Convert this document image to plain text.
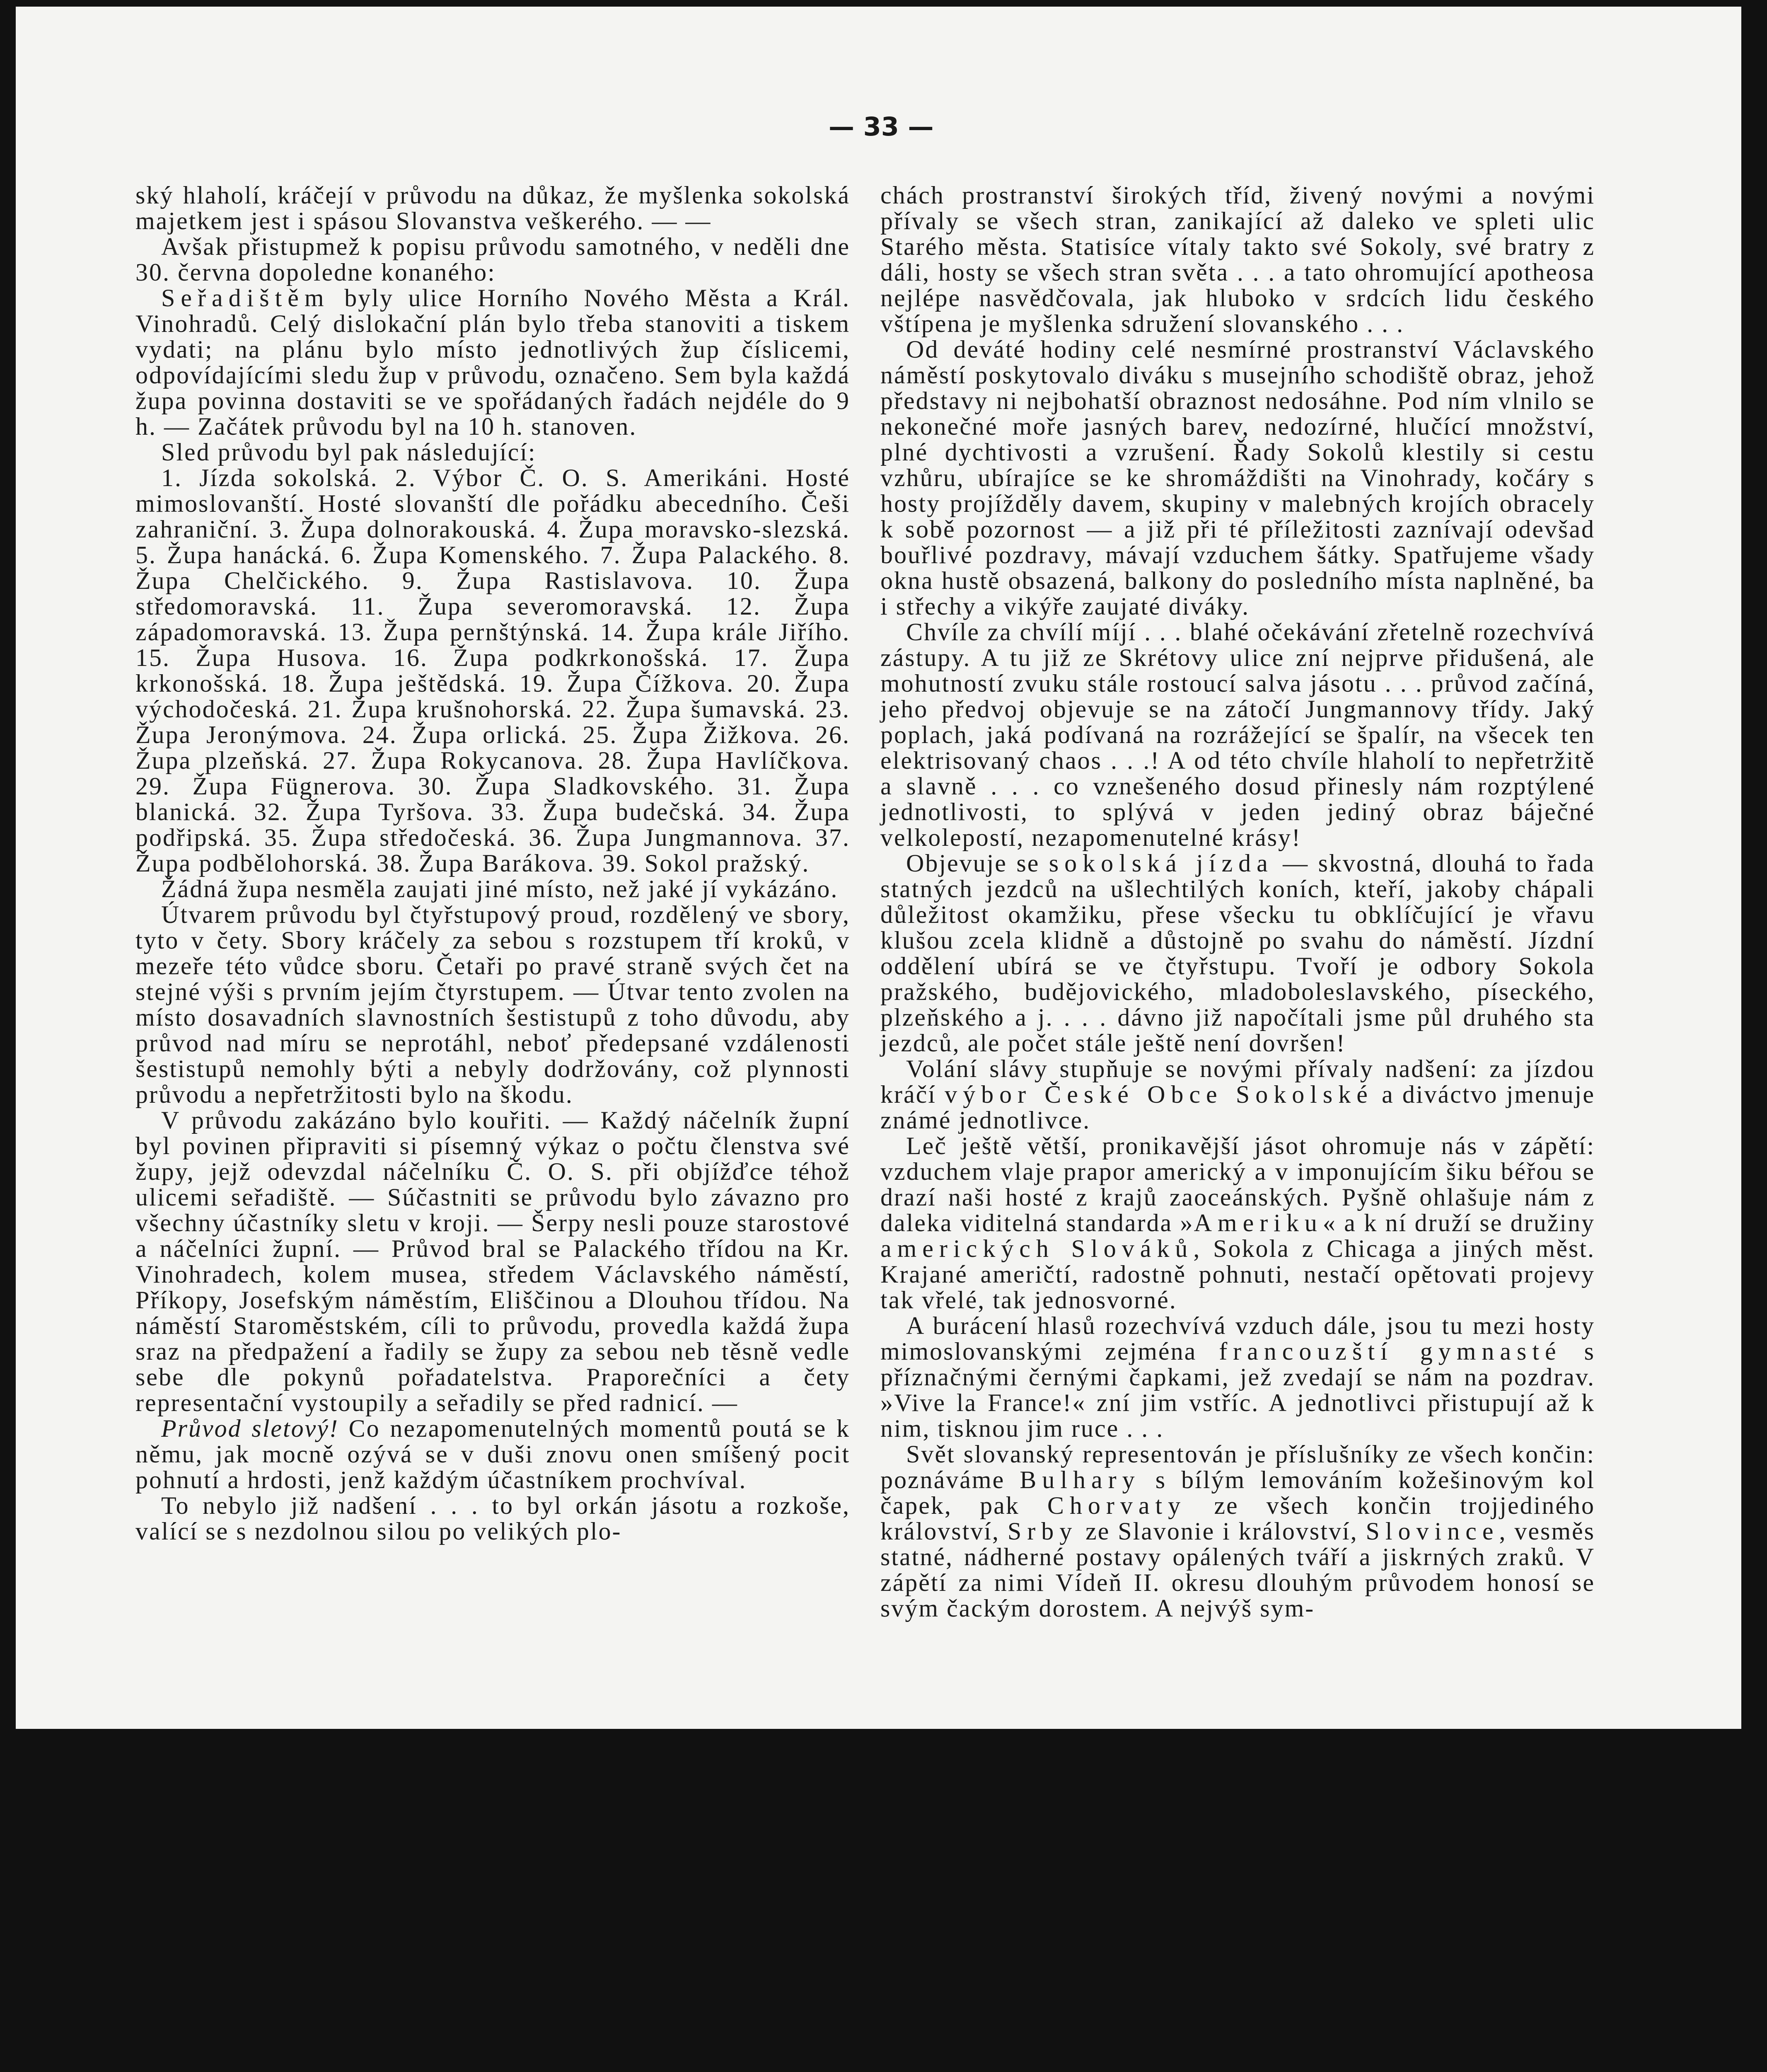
— 33 —

ský hlaholí, kráčejí v průvodu na důkaz, že myšlenka sokolská majetkem jest i spásou Slovanstva veškerého. — —

Avšak přistupmež k popisu průvodu samotného, v neděli dne 30. června dopoledne konaného:

Seřadištěm byly ulice Horního Nového Města a Král. Vinohradů. Celý dislokační plán bylo třeba stanoviti a tiskem vydati; na plánu bylo místo jednotlivých žup číslicemi, odpovídajícími sledu žup v průvodu, označeno. Sem byla každá župa povinna dostaviti se ve spořádaných řadách nejdéle do 9 h. — Začátek průvodu byl na 10 h. stanoven.

Sled průvodu byl pak následující:

1. Jízda sokolská. 2. Výbor Č. O. S. Amerikáni. Hosté mimoslovanští. Hosté slovanští dle pořádku abecedního. Češi zahraniční. 3. Župa dolnorakouská. 4. Župa moravsko-slezská. 5. Župa hanácká. 6. Župa Komenského. 7. Župa Palackého. 8. Župa Chelčického. 9. Župa Rastislavova. 10. Župa středomoravská. 11. Župa severomoravská. 12. Župa západomoravská. 13. Župa pernštýnská. 14. Župa krále Jiřího. 15. Župa Husova. 16. Župa podkrkonošská. 17. Župa krkonošská. 18. Župa ještědská. 19. Župa Čížkova. 20. Župa východočeská. 21. Župa krušnohorská. 22. Župa šumavská. 23. Župa Jeronýmova. 24. Župa orlická. 25. Župa Žižkova. 26. Župa plzeňská. 27. Župa Rokycanova. 28. Župa Havlíčkova. 29. Župa Fügnerova. 30. Župa Sladkovského. 31. Župa blanická. 32. Župa Tyršova. 33. Župa budečská. 34. Župa podřipská. 35. Župa středočeská. 36. Župa Jungmannova. 37. Župa podbělohorská. 38. Župa Barákova. 39. Sokol pražský.

Žádná župa nesměla zaujati jiné místo, než jaké jí vykázáno.

Útvarem průvodu byl čtyřstupový proud, rozdělený ve sbory, tyto v čety. Sbory kráčely za sebou s rozstupem tří kroků, v mezeře této vůdce sboru. Četaři po pravé straně svých čet na stejné výši s prvním jejím čtyrstupem. — Útvar tento zvolen na místo dosavadních slavnostních šestistupů z toho důvodu, aby průvod nad míru se neprotáhl, neboť předepsané vzdálenosti šestistupů nemohly býti a nebyly dodržovány, což plynnosti průvodu a nepřetržitosti bylo na škodu.

V průvodu zakázáno bylo kouřiti. — Každý náčelník župní byl povinen připraviti si písemný výkaz o počtu členstva své župy, jejž odevzdal náčelníku Č. O. S. při objížďce téhož ulicemi seřadiště. — Súčastniti se průvodu bylo závazno pro všechny účastníky sletu v kroji. — Šerpy nesli pouze starostové a náčelníci župní. — Průvod bral se Palackého třídou na Kr. Vinohradech, kolem musea, středem Václavského náměstí, Příkopy, Josefským náměstím, Eliščinou a Dlouhou třídou. Na náměstí Staroměstském, cíli to průvodu, provedla každá župa sraz na předpažení a řadily se župy za sebou neb těsně vedle sebe dle pokynů pořadatelstva. Praporečníci a čety representační vystoupily a seřadily se před radnicí. —

Průvod sletový! Co nezapomenutelných momentů poutá se k němu, jak mocně ozývá se v duši znovu onen smíšený pocit pohnutí a hrdosti, jenž každým účastníkem prochvíval.

To nebylo již nadšení . . . to byl orkán jásotu a rozkoše, valící se s nezdolnou silou po velikých plo-

chách prostranství širokých tříd, živený novými a novými přívaly se všech stran, zanikající až daleko ve spleti ulic Starého města. Statisíce vítaly takto své Sokoly, své bratry z dáli, hosty se všech stran světa . . . a tato ohromující apotheosa nejlépe nasvědčovala, jak hluboko v srdcích lidu českého vštípena je myšlenka sdružení slovanského . . .

Od deváté hodiny celé nesmírné prostranství Václavského náměstí poskytovalo diváku s musejního schodiště obraz, jehož představy ni nejbohatší obraznost nedosáhne. Pod ním vlnilo se nekonečné moře jasných barev, nedozírné, hlučící množství, plné dychtivosti a vzrušení. Řady Sokolů klestily si cestu vzhůru, ubírajíce se ke shromáždišti na Vinohrady, kočáry s hosty projížděly davem, skupiny v malebných krojích obracely k sobě pozornost — a již při té příležitosti zaznívají odevšad bouřlivé pozdravy, mávají vzduchem šátky. Spatřujeme všady okna hustě obsazená, balkony do posledního místa naplněné, ba i střechy a vikýře zaujaté diváky.

Chvíle za chvílí míjí . . . blahé očekávání zřetelně rozechvívá zástupy. A tu již ze Skrétovy ulice zní nejprve přidušená, ale mohutností zvuku stále rostoucí salva jásotu . . . průvod začíná, jeho předvoj objevuje se na zátočí Jungmannovy třídy. Jaký poplach, jaká podívaná na rozrážející se špalír, na všecek ten elektrisovaný chaos . . .! A od této chvíle hlaholí to nepřetržitě a slavně . . . co vznešeného dosud přinesly nám rozptýlené jednotlivosti, to splývá v jeden jediný obraz báječné velkolepostí, nezapomenutelné krásy!

Objevuje se sokolská jízda — skvostná, dlouhá to řada statných jezdců na ušlechtilých koních, kteří, jakoby chápali důležitost okamžiku, přese všecku tu obklíčující je vřavu klušou zcela klidně a důstojně po svahu do náměstí. Jízdní oddělení ubírá se ve čtyřstupu. Tvoří je odbory Sokola pražského, budějovického, mladoboleslavského, píseckého, plzeňského a j. . . . dávno již napočítali jsme půl druhého sta jezdců, ale počet stále ještě není dovršen!

Volání slávy stupňuje se novými přívaly nadšení: za jízdou kráčí výbor České Obce Sokolské a diváctvo jmenuje známé jednotlivce.

Leč ještě větší, pronikavější jásot ohromuje nás v zápětí: vzduchem vlaje prapor americký a v imponujícím šiku béřou se drazí naši hosté z krajů zaoceánských. Pyšně ohlašuje nám z daleka viditelná standarda »Ameriku« a k ní druží se družiny amerických Slováků, Sokola z Chicaga a jiných měst. Krajané američtí, radostně pohnuti, nestačí opětovati projevy tak vřelé, tak jednosvorné.

A burácení hlasů rozechvívá vzduch dále, jsou tu mezi hosty mimoslovanskými zejména francouzští gymnasté s příznačnými černými čapkami, jež zvedají se nám na pozdrav. »Vive la France!« zní jim vstříc. A jednotlivci přistupují až k nim, tisknou jim ruce . . .

Svět slovanský representován je příslušníky ze všech končin: poznáváme Bulhary s bílým lemováním kožešinovým kol čapek, pak Chorvaty ze všech končin trojjediného království, Srby ze Slavonie i království, Slovince, vesměs statné, nádherné postavy opálených tváří a jiskrných zraků. V zápětí za nimi Vídeň II. okresu dlouhým průvodem honosí se svým čackým dorostem. A nejvýš sym-
